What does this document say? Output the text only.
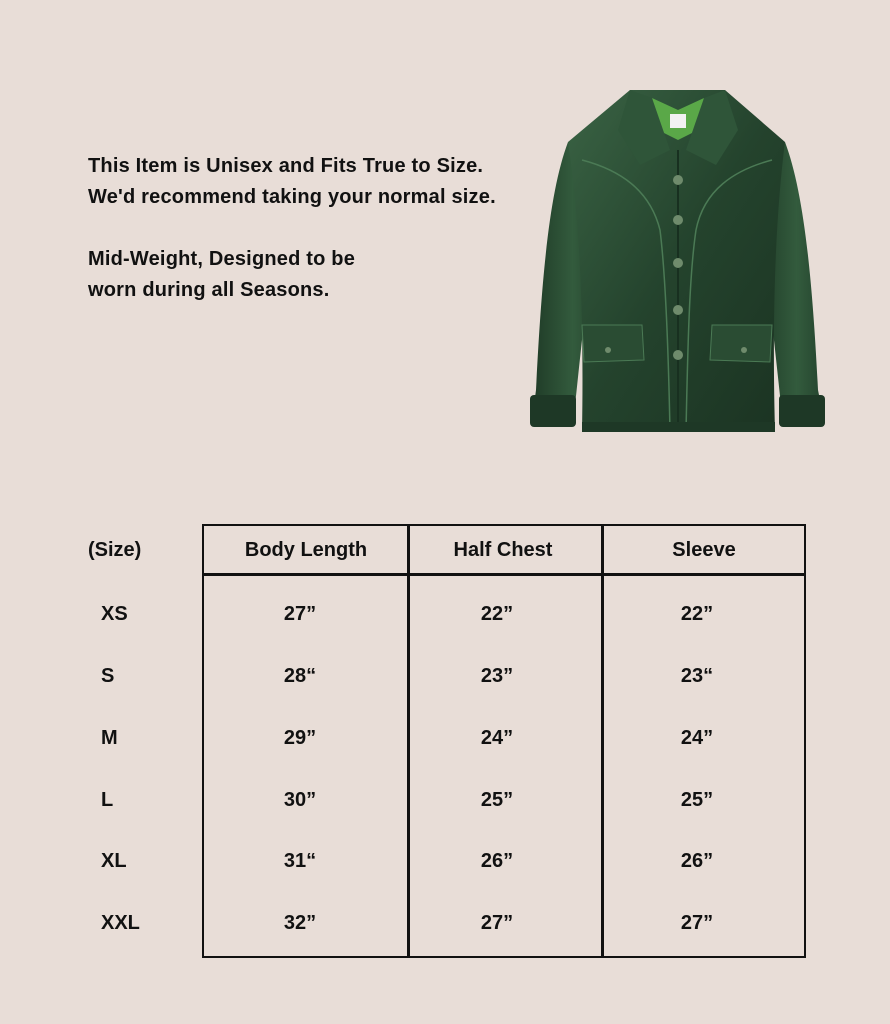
This Item is Unisex and Fits True to Size.

We'd recommend taking your normal size.

Mid-Weight, Designed to be

worn during all Seasons.

(Size)	Body Length	Half Chest	Sleeve
XS	27”	22”	22”
S	28“	23”	23“
M	29”	24”	24”
L	30”	25”	25”
XL	31“	26”	26”
XXL	32”	27”	27”
